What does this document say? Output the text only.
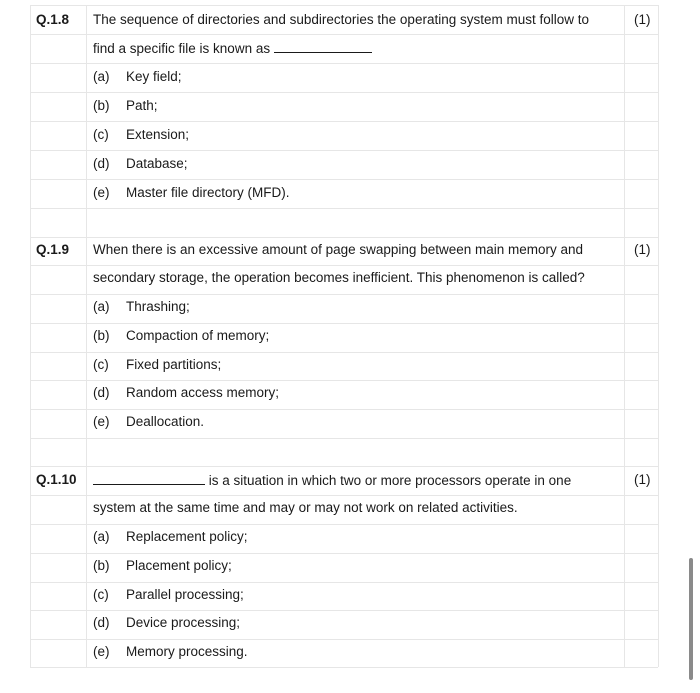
Q.1.8 The sequence of directories and subdirectories the operating system must follow to	(1)
find a specific file is known as
(a) Key field;
(b) Path;
(c) Extension;
(d) Database;
(e) Master file directory (MFD).
Q.1.9 When there is an excessive amount of page swapping between main memory and	(1)
secondary storage, the operation becomes inefficient. This phenomenon is called?
(a) Thrashing;
(b) Compaction of memory;
(c) Fixed partitions;
(d) Random access memory;
(e) Deallocation.
Q.1.10	is a situation in which two or more processors operate in one	(1)
system at the same time and may or may not work on related activities.
(a) Replacement policy;
(b) Placement policy;
(c) Parallel processing;
(d) Device processing;
(e) Memory processing.
